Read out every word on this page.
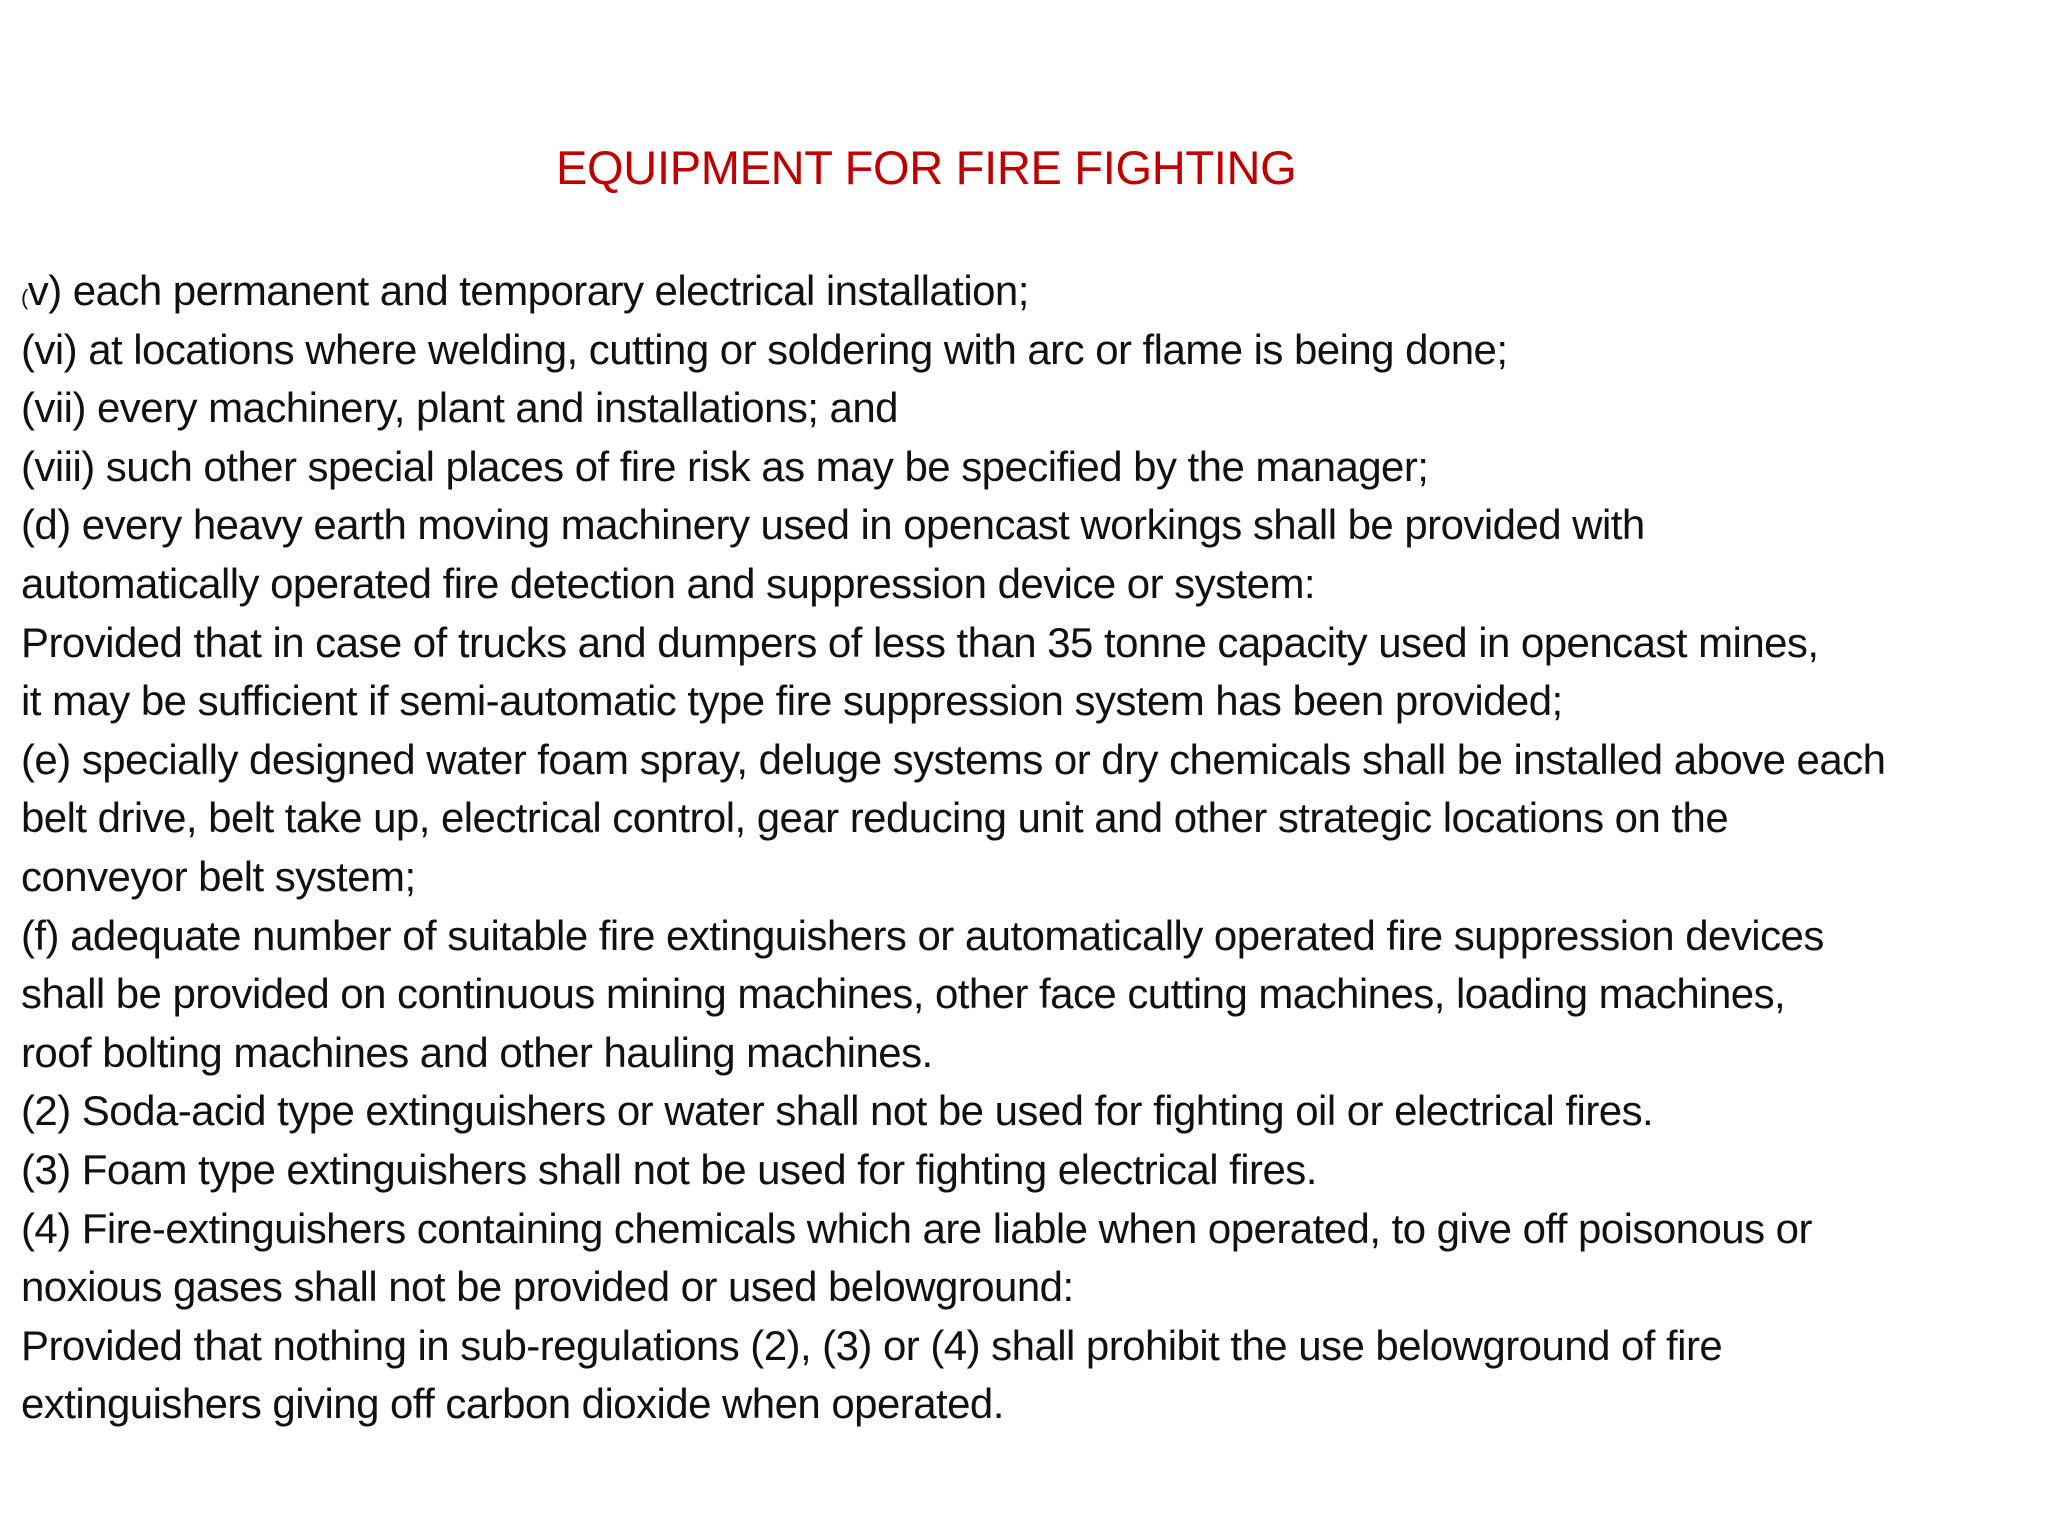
EQUIPMENT FOR FIRE FIGHTING
(v) each permanent and temporary electrical installation;
(vi) at locations where welding, cutting or soldering with arc or flame is being done;
(vii) every machinery, plant and installations; and
(viii) such other special places of fire risk as may be specified by the manager;
(d) every heavy earth moving machinery used in opencast workings shall be provided with
automatically operated fire detection and suppression device or system:
Provided that in case of trucks and dumpers of less than 35 tonne capacity used in opencast mines,
it may be sufficient if semi-automatic type fire suppression system has been provided;
(e) specially designed water foam spray, deluge systems or dry chemicals shall be installed above each
belt drive, belt take up, electrical control, gear reducing unit and other strategic locations on the
conveyor belt system;
(f) adequate number of suitable fire extinguishers or automatically operated fire suppression devices
shall be provided on continuous mining machines, other face cutting machines, loading machines,
roof bolting machines and other hauling machines.
(2) Soda-acid type extinguishers or water shall not be used for fighting oil or electrical fires.
(3) Foam type extinguishers shall not be used for fighting electrical fires.
(4) Fire-extinguishers containing chemicals which are liable when operated, to give off poisonous or
noxious gases shall not be provided or used belowground:
Provided that nothing in sub-regulations (2), (3) or (4) shall prohibit the use belowground of fire
extinguishers giving off carbon dioxide when operated.
